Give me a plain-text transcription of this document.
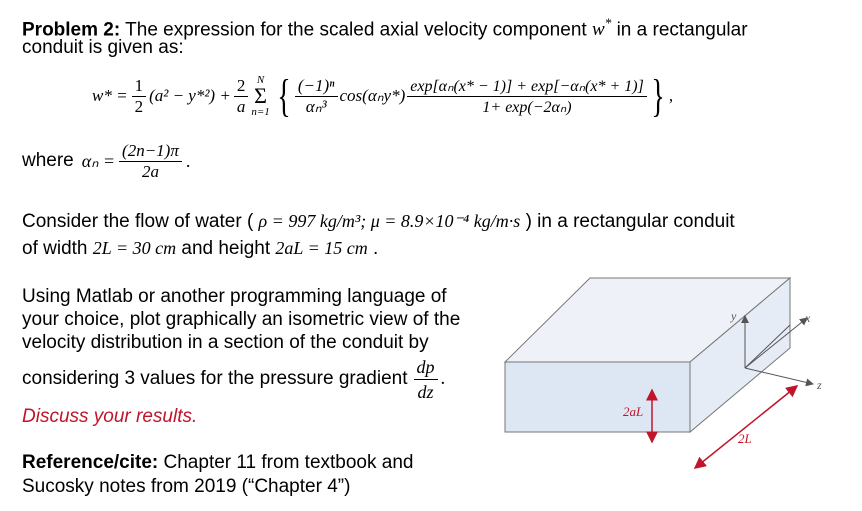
Problem 2: The expression for the scaled axial velocity component w* in a rectangular
conduit is given as:
$w* = \frac{1}{2} (a^2 - y*^2) + \frac{2}{a}$ N
Σ
n=1 { $\frac{\text{(−1)ⁿ}}{\text{αₙ³}} \cos(\alpha_ny*) \frac{\text{exp[αₙ(x* − 1)] + exp[−αₙ(x* + 1)]}}{\text{1+ exp(−2αₙ)}}$ } ,
where $\alpha_n = \frac{(2n-1)\pi}{2a}$ .
Consider the flow of water ( ρ = 997 kg/m³; μ = 8.9×10⁻⁴ kg/m·s ) in a rectangular conduit
of width 2L = 30 cm and height 2aL = 15 cm .
Using Matlab or another programming language of
your choice, plot graphically an isometric view of the
velocity distribution in a section of the conduit by
considering 3 values for the pressure gradient $\frac{dp}{dz}$ .
Discuss your results.
Reference/cite: Chapter 11 from textbook and
Sucosky notes from 2019 (“Chapter 4”)
y	x
z
2aL
2L
